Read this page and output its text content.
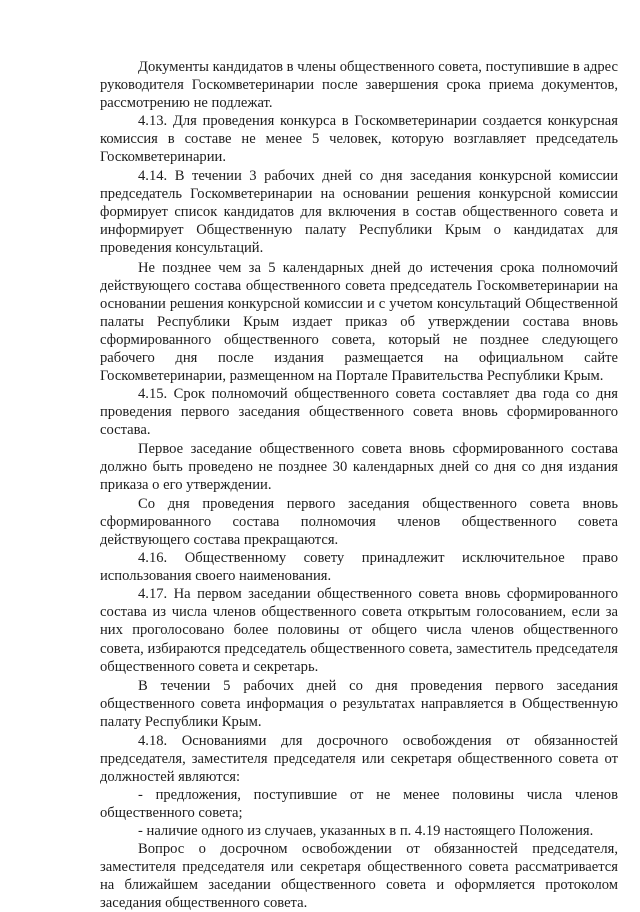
Документы кандидатов в члены общественного совета, поступившие в адрес руководителя Госкомветеринарии после завершения срока приема документов, рассмотрению не подлежат.

4.13. Для проведения конкурса в Госкомветеринарии создается конкурсная комиссия в составе не менее 5 человек, которую возглавляет председатель Госкомветеринарии.

4.14. В течении 3 рабочих дней со дня заседания конкурсной комиссии председатель Госкомветеринарии на основании решения конкурсной комиссии формирует список кандидатов для включения в состав общественного совета и информирует Общественную палату Республики Крым о кандидатах для проведения консультаций.

Не позднее чем за 5 календарных дней до истечения срока полномочий действующего состава общественного совета председатель Госкомветеринарии на основании решения конкурсной комиссии и с учетом консультаций Общественной палаты Республики Крым издает приказ об утверждении состава вновь сформированного общественного совета, который не позднее следующего рабочего дня после издания размещается на официальном сайте Госкомветеринарии, размещенном на Портале Правительства Республики Крым.

4.15. Срок полномочий общественного совета составляет два года со дня проведения первого заседания общественного совета вновь сформированного состава.

Первое заседание общественного совета вновь сформированного состава должно быть проведено не позднее 30 календарных дней со дня со дня издания приказа о его утверждении.

Со дня проведения первого заседания общественного совета вновь сформированного состава полномочия членов общественного совета действующего состава прекращаются.

4.16. Общественному совету принадлежит исключительное право использования своего наименования.

4.17. На первом заседании общественного совета вновь сформированного состава из числа членов общественного совета открытым голосованием, если за них проголосовано более половины от общего числа членов общественного совета, избираются председатель общественного совета, заместитель председателя общественного совета и секретарь.

В течении 5 рабочих дней со дня проведения первого заседания общественного совета информация о результатах направляется в Общественную палату Республики Крым.

4.18. Основаниями для досрочного освобождения от обязанностей председателя, заместителя председателя или секретаря общественного совета от должностей являются:

- предложения, поступившие от не менее половины числа членов общественного совета;

- наличие одного из случаев, указанных в п. 4.19 настоящего Положения.

Вопрос о досрочном освобождении от обязанностей председателя, заместителя председателя или секретаря общественного совета рассматривается на ближайшем заседании общественного совета и оформляется протоколом заседания общественного совета.
